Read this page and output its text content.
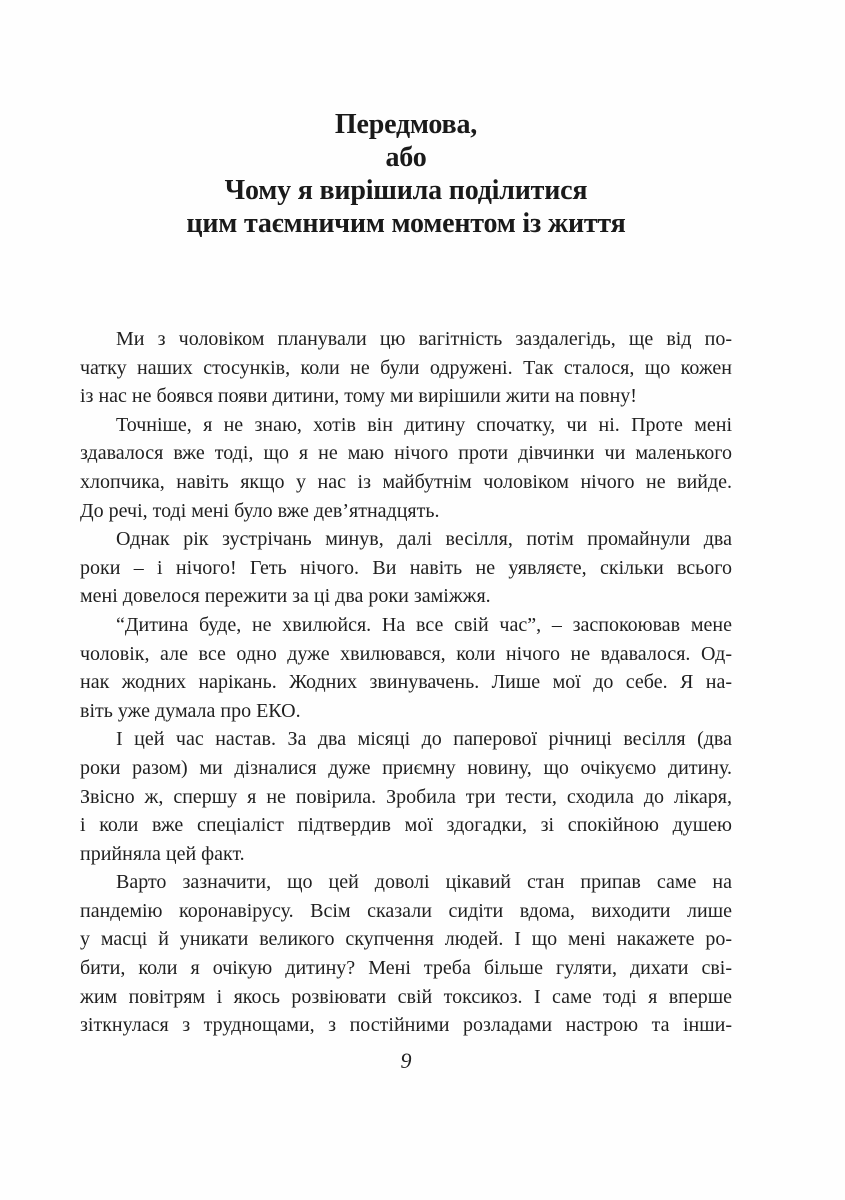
Передмова,
або
Чому я вирішила поділитися
цим таємничим моментом із життя
Ми з чоловіком планували цю вагітність заздалегідь, ще від по-
чатку наших стосунків, коли не були одружені. Так сталося, що кожен
із нас не боявся появи дитини, тому ми вирішили жити на повну!
Точніше, я не знаю, хотів він дитину спочатку, чи ні. Проте мені
здавалося вже тоді, що я не маю нічого проти дівчинки чи маленького
хлопчика, навіть якщо у нас із майбутнім чоловіком нічого не вийде.
До речі, тоді мені було вже дев’ятнадцять.
Однак рік зустрічань минув, далі весілля, потім промайнули два
роки – і нічого! Геть нічого. Ви навіть не уявляєте, скільки всього
мені довелося пережити за ці два роки заміжжя.
“Дитина буде, не хвилюйся. На все свій час”, – заспокоював мене
чоловік, але все одно дуже хвилювався, коли нічого не вдавалося. Од-
нак жодних нарікань. Жодних звинувачень. Лише мої до себе. Я на-
віть уже думала про ЕКО.
І цей час настав. За два місяці до паперової річниці весілля (два
роки разом) ми дізналися дуже приємну новину, що очікуємо дитину.
Звісно ж, спершу я не повірила. Зробила три тести, сходила до лікаря,
і коли вже спеціаліст підтвердив мої здогадки, зі спокійною душею
прийняла цей факт.
Варто зазначити, що цей доволі цікавий стан припав саме на
пандемію коронавірусу. Всім сказали сидіти вдома, виходити лише
у масці й уникати великого скупчення людей. І що мені накажете ро-
бити, коли я очікую дитину? Мені треба більше гуляти, дихати сві-
жим повітрям і якось розвіювати свій токсикоз. І саме тоді я вперше
зіткнулася з труднощами, з постійними розладами настрою та інши-
9
